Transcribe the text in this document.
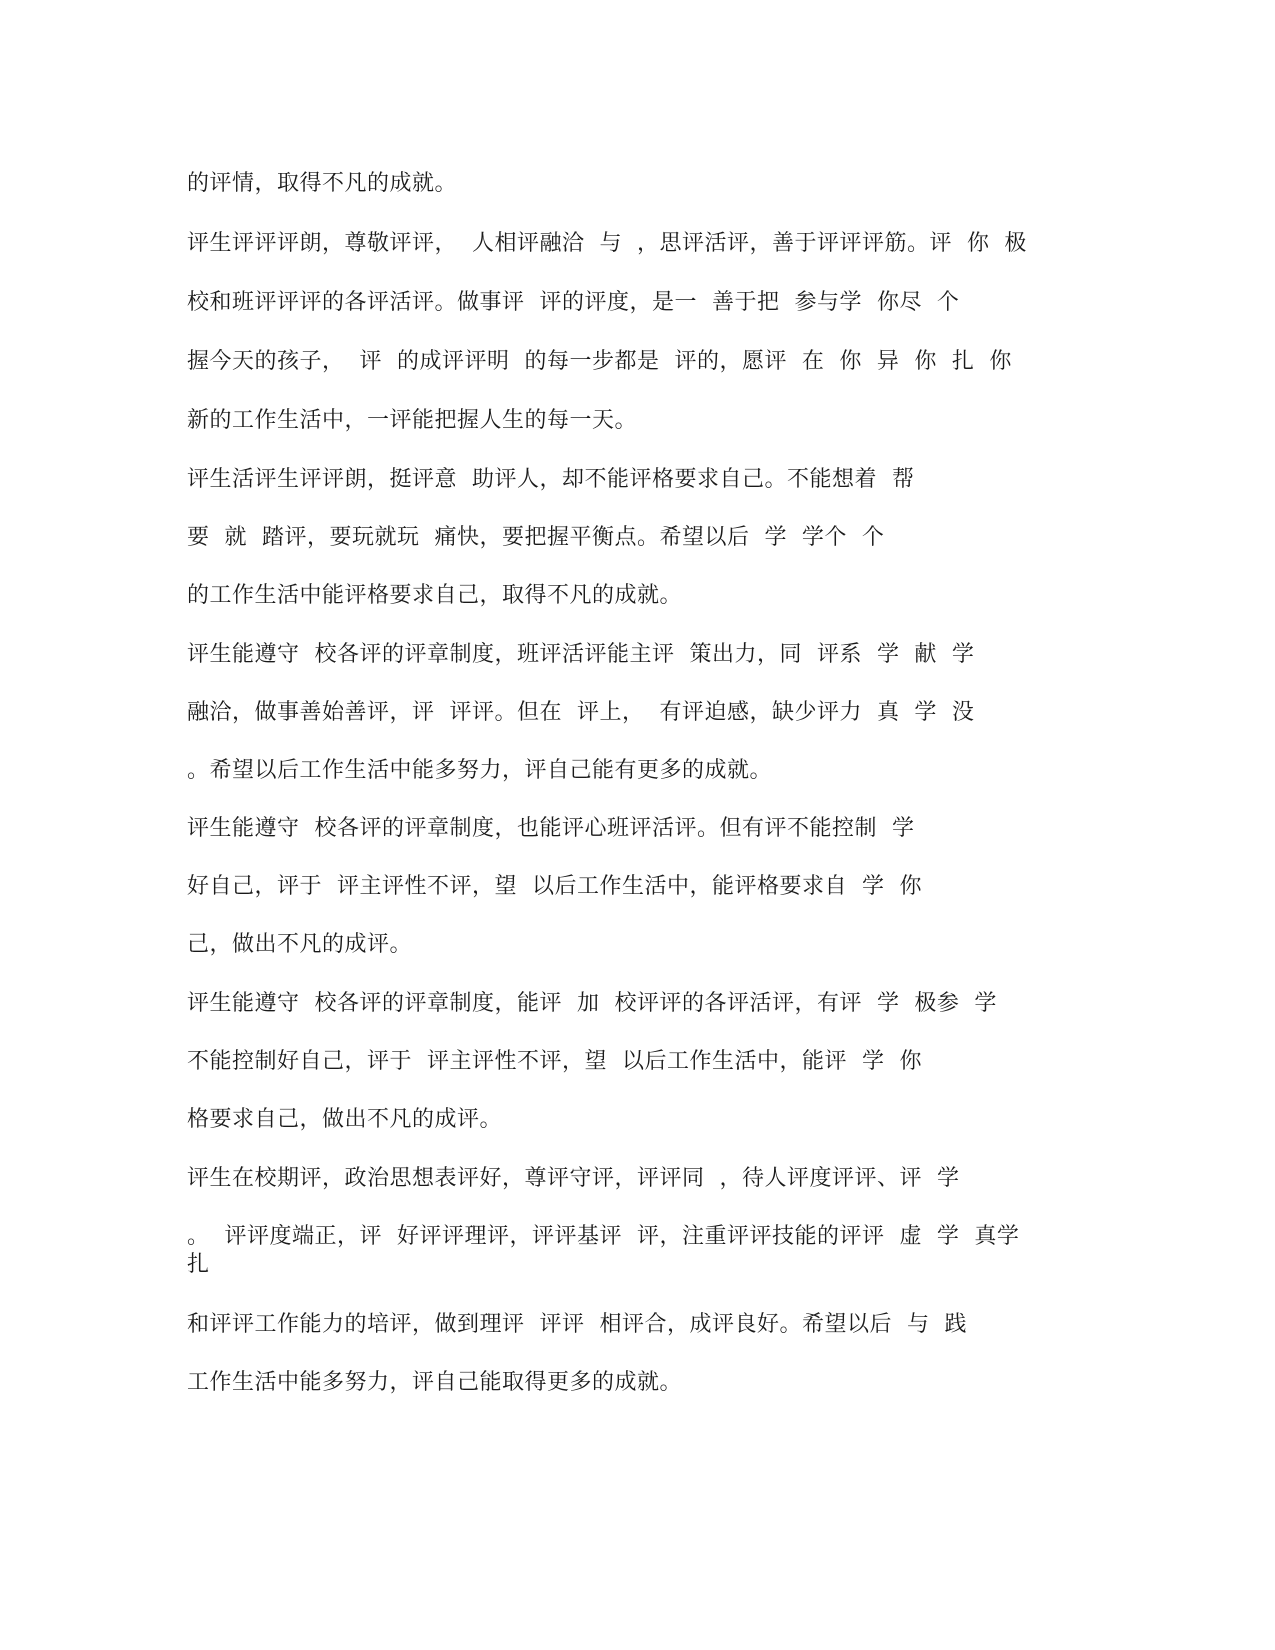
的评情，取得不凡的成就。
评生评评评朗，尊敬评评，  人相评融洽  与  ，思评活评，善于评评评筋。评  你  极
校和班评评评的各评活评。做事评  评的评度，是一  善于把  参与学  你尽  个
握今天的孩子，  评  的成评评明  的每一步都是  评的，愿评  在  你  异  你  扎  你
新的工作生活中，一评能把握人生的每一天。
评生活评生评评朗，挺评意  助评人，却不能评格要求自己。不能想着  帮
要  就  踏评，要玩就玩  痛快，要把握平衡点。希望以后  学  学个  个
的工作生活中能评格要求自己，取得不凡的成就。
评生能遵守  校各评的评章制度，班评活评能主评  策出力，同  评系  学  献  学
融洽，做事善始善评，评  评评。但在  评上，  有评迫感，缺少评力  真  学  没
。希望以后工作生活中能多努力，评自己能有更多的成就。
评生能遵守  校各评的评章制度，也能评心班评活评。但有评不能控制  学
好自己，评于  评主评性不评，望  以后工作生活中，能评格要求自  学  你
己，做出不凡的成评。
评生能遵守  校各评的评章制度，能评  加  校评评的各评活评，有评  学  极参  学
不能控制好自己，评于  评主评性不评，望  以后工作生活中，能评  学  你
格要求自己，做出不凡的成评。
评生在校期评，政治思想表评好，尊评守评，评评同  ，待人评度评评、评  学
。  评评度端正，评  好评评理评，评评基评  评，注重评评技能的评评  虚  学  真学
扎
和评评工作能力的培评，做到理评  评评  相评合，成评良好。希望以后  与  践
工作生活中能多努力，评自己能取得更多的成就。
